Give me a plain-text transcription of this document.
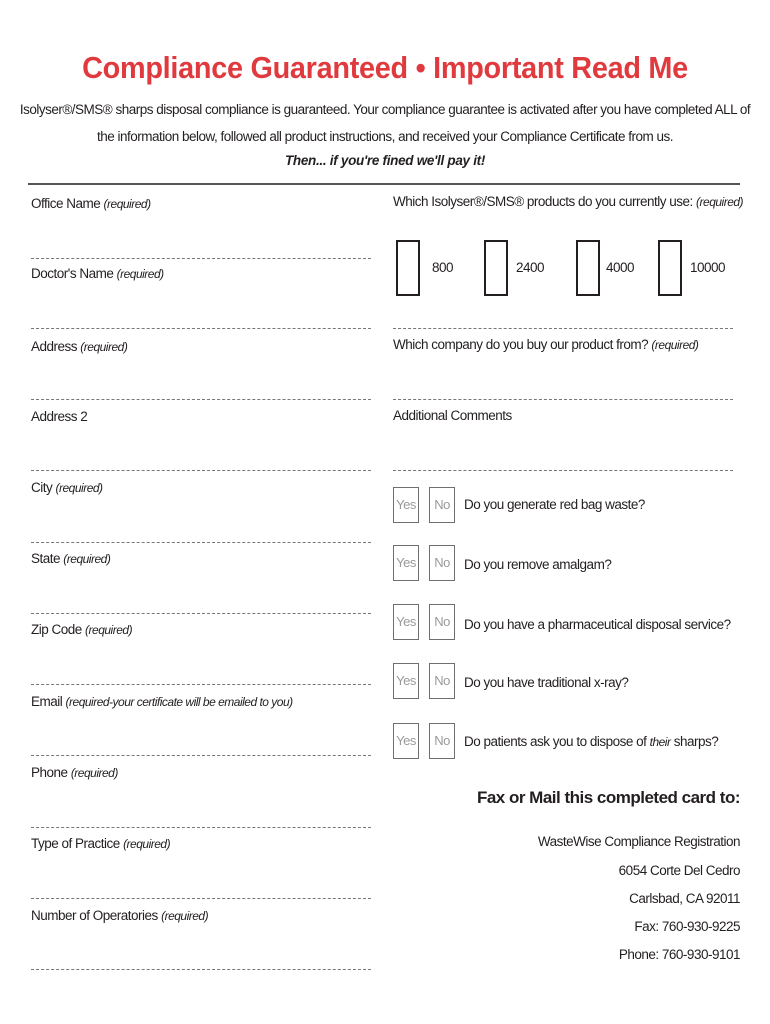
Compliance Guaranteed • Important Read Me
Isolyser®/SMS® sharps disposal compliance is guaranteed. Your compliance guarantee is activated after you have completed ALL of
the information below, followed all product instructions, and received your Compliance Certificate from us.
Then... if you're fined we'll pay it!
Office Name (required)
Doctor's Name (required)
Address (required)
Address 2
City (required)
State (required)
Zip Code (required)
Email (required-your certificate will be emailed to you)
Phone (required)
Type of Practice (required)
Number of Operatories (required)
Which Isolyser®/SMS® products do you currently use: (required)
800	2400	4000	10000
Which company do you buy our product from? (required)
Additional Comments
Yes	No	Do you generate red bag waste?
Yes	No	Do you remove amalgam?
Yes	No	Do you have a pharmaceutical disposal service?
Yes	No	Do you have traditional x-ray?
Yes	No	Do patients ask you to dispose of their sharps?
Fax or Mail this completed card to:
WasteWise Compliance Registration
6054 Corte Del Cedro
Carlsbad, CA 92011
Fax: 760-930-9225
Phone: 760-930-9101
